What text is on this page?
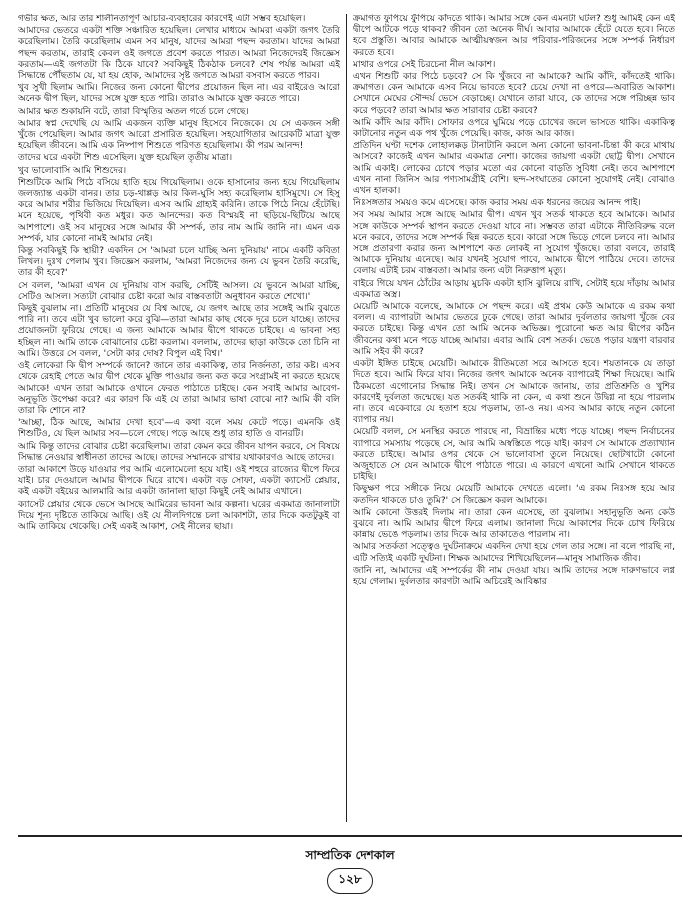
গভীর ক্ষত, আর তার শালীনতাপূর্ণ আচার-ব্যবহারের কারণেই এটা সম্ভব হয়েছিল।

আমাদের ভেতরে একটা শক্তি সঞ্চারিত হয়েছিল। লেখার মাধ্যমে আমরা একটা জগৎ তৈরি করেছিলাম। তৈরি করেছিলাম এমন সব মানুষ, যাদের আমরা পছন্দ করতাম। যাদের আমরা পছন্দ করতাম, তারাই কেবল ওই জগতে প্রবেশ করতে পারত। আমরা নিজেদেরই জিজ্ঞেস করতাম—এই জগতটা কি ঠিকে যাবে? সবকিছুই ঠিকঠাক চলবে? শেষ পর্যন্ত আমরা এই সিদ্ধান্তে পৌঁছতাম যে, যা হয় হোক, আমাদের সৃষ্ট জগতে আমরা বসবাস করতে পারব।

খুব সুখী ছিলাম আমি। নিজের জন্য কোনো দ্বীপের প্রয়োজন ছিল না। এর বাইরেও আরো অনেক দ্বীপ ছিল, যাদের সঙ্গে যুক্ত হতে পারি। তারাও আমাকে যুক্ত করতে পারে।

আমার ক্ষত শুকায়নি বটে, তারা বিস্মৃতির অতল গর্তে চলে গেছে।

আমার স্বপ্ন দেখেছি যে আমি একজন ব্যক্তি মানুষ হিসেবে নিজেকে। যে সে একজন সঙ্গী খুঁজে পেয়েছিল। আমার জগৎ আরো প্রসারিত হয়েছিল। সহযোগিতার আরেকটি মাত্রা যুক্ত হয়েছিল জীবনে। আমি এক নিষ্পাপ শিশুতে পরিণত হয়েছিলাম। কী পরম আনন্দ!

তাদের ঘরে একটা শিশু এসেছিল। যুক্ত হয়েছিল তৃতীয় মাত্রা।

খুব ভালোবাসি আমি শিশুদের।

শিশুটিকে আমি পিঠে বসিয়ে হাতি হয়ে গিয়েছিলাম। ওকে হাসানোর জন্য হয়ে গিয়েছিলাম জলজ্যান্ত একটা বানর। তার চড়-থাপ্পড় আর কিল-ঘুসি সহ্য করেছিলাম হাসিমুখে। সে হিসু করে আমার শরীর ভিজিয়ে দিয়েছিল। এসব আমি গ্রাহ্যই করিনি। তাকে পিঠে নিয়ে হেঁটেছি। মনে হয়েছে, পৃথিবী কত মধুর। কত আনন্দের। কত বিস্ময়ই না ছড়িয়ে-ছিটিয়ে আছে আশপাশে। ওই সব মানুষের সঙ্গে আমার কী সম্পর্ক, তার নাম আমি জানি না। এমন এক সম্পর্ক, যার কোনো নামই আমার নেই।

কিন্তু সবকিছুই কি স্থায়ী? একদিন সে 'আমরা চলে যাচ্ছি অন্য দুনিয়ায়' নামে একটি কবিতা লিখল। দুঃখ পেলাম খুব। জিজ্ঞেস করলাম, 'আমরা নিজেদের জন্য যে ভুবন তৈরি করেছি, তার কী হবে?'

সে বলল, 'আমরা এখন যে দুনিয়ায় বাস করছি, সেটিই আসল। যে ভুবনে আমরা যাচ্ছি, সেটিও আসল। সত্যটা বোঝার চেষ্টা করো আর বাস্তবতাটা অনুধাবন করতে শেখো।'

কিছুই বুঝলাম না। প্রতিটি মানুষের যে বিশ্ব আছে, যে জগৎ আছে তার সঙ্গেই আমি বুঝতে পারি না। তবে এটা খুব ভালো করে বুঝি—তারা আমার কাছ থেকে দূরে চলে যাচ্ছে। তাদের প্রয়োজনটা ফুরিয়ে গেছে। এ জন্য আমাকে আমার দ্বীপে থাকতে চাইছে। এ ভাবনা সহ্য হচ্ছিল না। আমি তাকে বোঝানোর চেষ্টা করলাম। বললাম, তাদের ছাড়া কাউকে তো চিনি না আমি। উত্তরে সে বলল, 'সেটা কার দোষ? বিপুল এই বিশ্ব।'

ওই লোকেরা কি দ্বীপ সম্পর্কে জানে? জানে তার একাকিত্ব, তার নির্জনতা, তার কষ্ট। এসব থেকে রেহাই পেতে আর দ্বীপ থেকে মুক্তি পাওয়ার জন্য কত করে সংগ্রামই না করতে হয়েছে আমাকে! এখন তারা আমাকে ওখানে ফেরত পাঠাতে চাইছে। কেন সবাই আমার আবেগ-অনুভূতি উপেক্ষা করে? এর কারণ কি এই যে তারা আমার ভাষা বোঝে না? আমি কী বলি তারা কি শোনে না?

'আচ্ছা, ঠিক আছে, আমার দেখা হবে'—এ কথা বলে সময় কেটে পড়ে। এমনকি ওই শিশুটিও, যে ছিল আমার সব—চলে গেছে। পড়ে আছে শুধু তার হাতি ও বানরটি।

আমি কিন্তু তাদের বোঝার চেষ্টা করেছিলাম। তারা কেমন করে জীবন যাপন করবে, সে বিষয়ে সিদ্ধান্ত নেওয়ার স্বাধীনতা তাদের আছে। তাদের সম্মানকে রাখার যথাকারণও আছে তাদের।

তারা আকাশে উড়ে যাওয়ার পর আমি এলোমেলো হয়ে যাই। ওই শহুরে রাজ্যের দ্বীপে ফিরে যাই। চার দেওয়ালে আমার দ্বীপকে ঘিরে রাখে। একটা বড় সোফা, একটা ক্যাসেট প্লেয়ার, কই একটা বইয়ের আলমারি আর একটা জানালা ছাড়া কিছুই নেই আমার এখানে।

ক্যাসেট প্লেয়ার থেকে ভেসে আসছে আমিরের ভাবনা আর কল্পনা। ঘরের একমাত্র জানালাটা দিয়ে শূন্য দৃষ্টিতে তাকিয়ে আছি। ওই যে নীলদিগন্তে চলা আকাশটা, তার দিকে কতটুকুই বা আমি তাকিয়ে থেকেছি। সেই একই আকাশ, সেই নীলের ছায়া।

ক্রমাগত ফুপিয়ে ফুঁপিয়ে কাঁদতে থাকি। আমার সঙ্গে কেন এমনটা ঘটল? শুধু আমিই কেন এই দ্বীপে আটকে পড়ে থাকব? জীবন তো অনেক দীর্ঘ। আবার আমাকে হেঁটে যেতে হবে। নিতে হবে প্রস্তুতি। আবার আমাকে আত্মীয়স্বজন আর পরিবার-পরিজনের সঙ্গে সম্পর্ক নির্ধারণ করতে হবে।

মাথার ওপরে সেই চিরচেনা নীল আকাশ।

এখন শিশুটি কার পিঠে চড়বে? সে কি খুঁজবে না আমাকে? আমি কাঁদি, কাঁদতেই থাকি। ক্রমাগত। কেন আমাকে এসব নিয়ে ভাবতে হবে? চেয়ে দেখা না ওপরে—অবারিত আকাশ। সেখানে মেঘের সৌন্দর্য ভেসে বেড়াচ্ছে। যেখানে তারা যাবে, কে তাদের সঙ্গে পরিচ্ছন্ন ভাব করে পড়বে? তারা আমার ক্ষত সারাবার চেষ্টা করবে?

আমি কাঁদি আর কাঁদি। সোফার ওপরে ঘুমিয়ে পড়ে চোখের জলে ভাসতে থাকি। একাকিত্ব কাটানোর নতুন এক পথ খুঁজে পেয়েছি। কাজ, কাজ আর কাজ।

প্রতিদিন ঘণ্টা দশেক লোহালক্কড় টানাটানি করলে অন্য কোনো ভাবনা-চিন্তা কী করে মাথায় আসবে? কাজেই এখন আমার একমাত্র নেশা। কাজের জায়গা একটা ছোট্ট দ্বীপ। সেখানে আমি একাই। লোকের চোখে পড়ার মতো এর কোনো বাড়তি সুবিধা নেই। তবে আশপাশে এখন নানা জিনিস আর পণ্যসামগ্রীই বেশি। ছন্দ-সংঘাতের কোনো সুযোগই নেই। বোঝাও এখন হালকা।

নিঃসঙ্গতার সময়ও কমে এসেছে। কাজ করার সময় এক ধরনের জয়ের আনন্দ পাই।

সব সময় আমার সঙ্গে আছে আমার দ্বীপ। এখন খুব সতর্ক থাকতে হবে আমাকে। আমার সঙ্গে কাউকে সম্পর্ক স্থাপন করতে দেওয়া যাবে না। সম্ভবত তারা এটাকে নীতিবিরুদ্ধ বলে মনে করবে, তাদের সঙ্গে সম্পর্ক ছিন্ন করতে হবে। কারো সঙ্গে ভিড়ে গেলে চলবে না। আমার সঙ্গে প্রতারণা করার জন্য আশপাশে কত লোকই না সুযোগ খুঁজছে। তারা বলবে, তারাই আমাকে দুনিয়ায় এনেছে। আর যখনই সুযোগ পাবে, আমাকে দ্বীপে পাঠিয়ে দেবে। তাদের বেলায় এটাই চরম বাস্তবতা। আমার জন্য এটা নিরুত্তাপ মৃত্যু।

বাইরে গিয়ে যখন ঠোঁটের আড়ায় মুচকি একটা হাসি ঝুলিয়ে রাখি, সেটাই হয়ে দাঁড়ায় আমার একমাত্র অস্ত্র।

মেয়েটি আমাকে বলেছে, আমাকে সে পছন্দ করে। এই প্রথম কেউ আমাকে এ রকম কথা বলল। এ ব্যাপারটা আমার ভেতরে ঢুকে গেছে। তারা আমার দুর্বলতার জায়গা খুঁজে বের করতে চাইছে। কিন্তু এখন তো আমি অনেক অভিজ্ঞ। পুরোনো ক্ষত আর দ্বীপের কঠিন জীবনের কথা মনে পড়ে যাচ্ছে আমার। এবার আমি বেশ সতর্ক। ভেঙে পড়ার যন্ত্রণা বারবার আমি সইব কী করে?

একটা ইঙ্গিত চাইছে মেয়েটি। আমাকে রীতিমতো সরে আসতে হবে। শয়তানকে যে তাড়া দিতে হবে। আমি ফিরে যাব। নিজের জগৎ আমাকে অনেক ব্যাপারেই শিক্ষা দিয়েছে। আমি ঠিকমতো এগোনোর সিদ্ধান্ত নিই। তখন সে আমাকে জানায়, তার প্রতিশ্রুতি ও খুশির কারণেই দুর্বলতা জন্মেছে। যত সতর্কই থাকি না কেন, এ কথা শুনে উদ্বিগ্ন না হয়ে পারলাম না। তবে একেবারে যে হতাশ হয়ে পড়লাম, তা-ও নয়। এসব আমার কাছে নতুন কোনো ব্যাপার নয়।

মেয়েটি বলল, সে মনস্থির করতে পারছে না, বিভ্রান্তির মধ্যে পড়ে যাচ্ছে। পছন্দ নির্বাচনের ব্যাপারে সমস্যায় পড়েছে সে, আর আমি অস্বস্তিতে পড়ে যাই। কারণ সে আমাকে প্রত্যাখ্যান করতে চাইছে। আমার ওপর থেকে সে ভালোবাসা তুলে নিয়েছে। ছোটখাটো কোনো অজুহাতে সে যেন আমাকে দ্বীপে পাঠাতে পারে। এ কারণে এখনো আমি সেখানে থাকতে চাইছি।

কিছুক্ষণ পরে সঙ্গীকে নিয়ে মেয়েটি আমাকে দেখতে এলো। 'এ রকম নিঃসঙ্গ হয়ে আর কতদিন থাকতে চাও তুমি?' সে জিজ্ঞেস করল আমাকে।

আমি কোনো উত্তরই দিলাম না। তারা কেন এসেছে, তা বুঝলাম। সহানুভূতি অন্য কেউ বুঝবে না। আমি আমার দ্বীপে ফিরে এলাম। জানালা দিয়ে আকাশের দিকে চোখ ফিরিয়ে কান্নায় ভেঙে পড়লাম। তার দিকে আর তাকাতেও পারলাম না।

আমার সতর্কতা সত্ত্বেও দুর্ঘটনাক্রমে একদিন দেখা হয়ে গেল তার সঙ্গে। না বলে পারছি না, এটি সত্যিই একটি দুর্ঘটনা। শিক্ষক আমাদের শিখিয়েছিলেন—মানুষ সামাজিক জীব।

জানি না, আমাদের এই সম্পর্কের কী নাম দেওয়া যায়। আমি তাদের সঙ্গে দারুণভাবে লগ্ন হয়ে গেলাম। দুর্বলতার কারণটা আমি অচিরেই আবিষ্কার

সাম্প্রতিক দেশকাল
১২৮
